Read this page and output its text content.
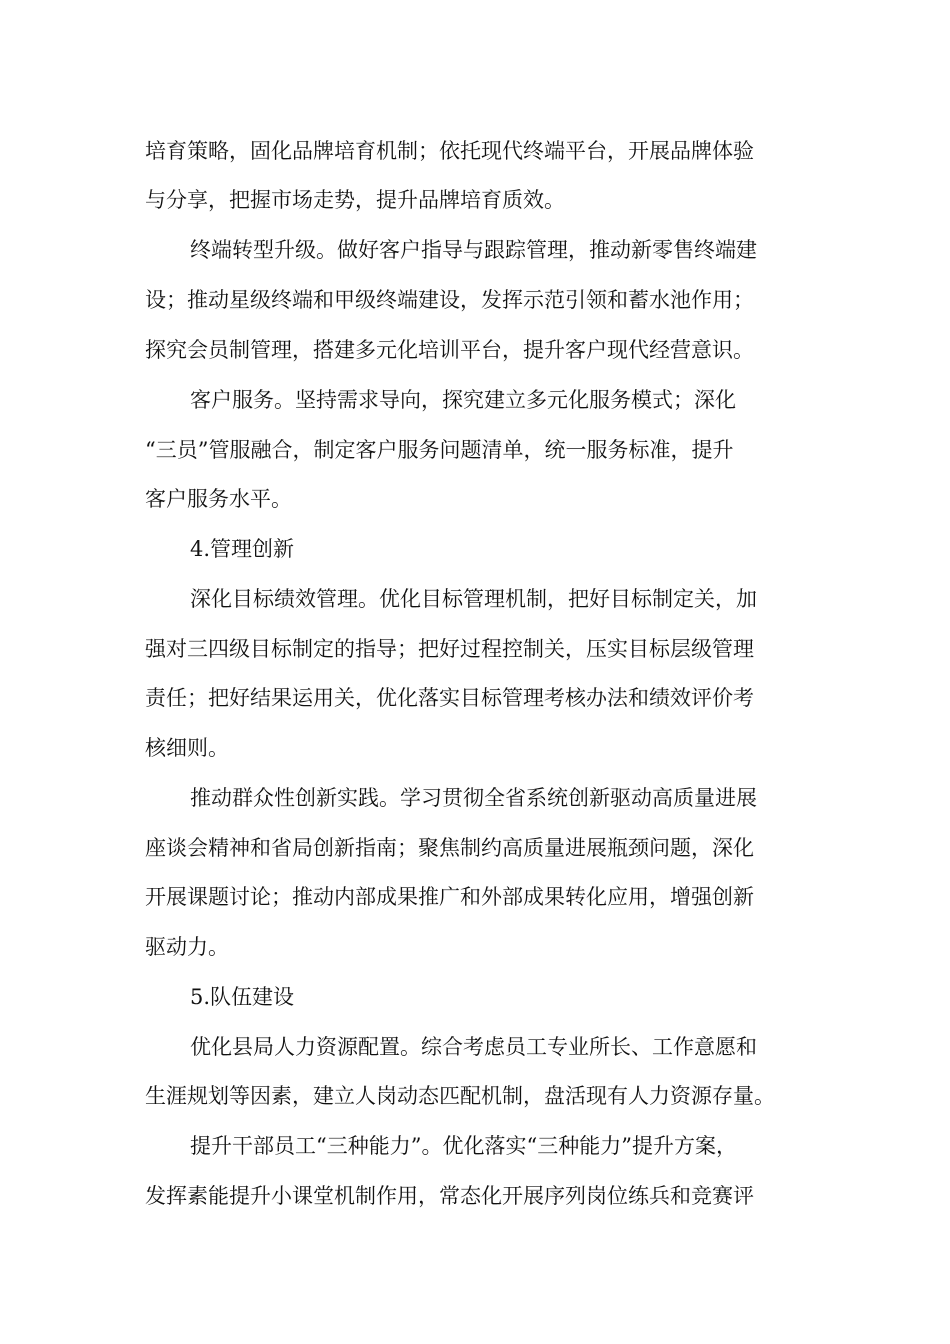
培育策略，固化品牌培育机制；依托现代终端平台，开展品牌体验
与分享，把握市场走势，提升品牌培育质效。
终端转型升级。做好客户指导与跟踪管理，推动新零售终端建
设；推动星级终端和甲级终端建设，发挥示范引领和蓄水池作用；
探究会员制管理，搭建多元化培训平台，提升客户现代经营意识。
客户服务。坚持需求导向，探究建立多元化服务模式；深化
“三员”管服融合，制定客户服务问题清单，统一服务标准，提升
客户服务水平。
4.管理创新
深化目标绩效管理。优化目标管理机制，把好目标制定关，加
强对三四级目标制定的指导；把好过程控制关，压实目标层级管理
责任；把好结果运用关，优化落实目标管理考核办法和绩效评价考
核细则。
推动群众性创新实践。学习贯彻全省系统创新驱动高质量进展
座谈会精神和省局创新指南；聚焦制约高质量进展瓶颈问题，深化
开展课题讨论；推动内部成果推广和外部成果转化应用，增强创新
驱动力。
5.队伍建设
优化县局人力资源配置。综合考虑员工专业所长、工作意愿和
生涯规划等因素，建立人岗动态匹配机制，盘活现有人力资源存量。
提升干部员工“三种能力”。优化落实“三种能力”提升方案，
发挥素能提升小课堂机制作用，常态化开展序列岗位练兵和竞赛评
